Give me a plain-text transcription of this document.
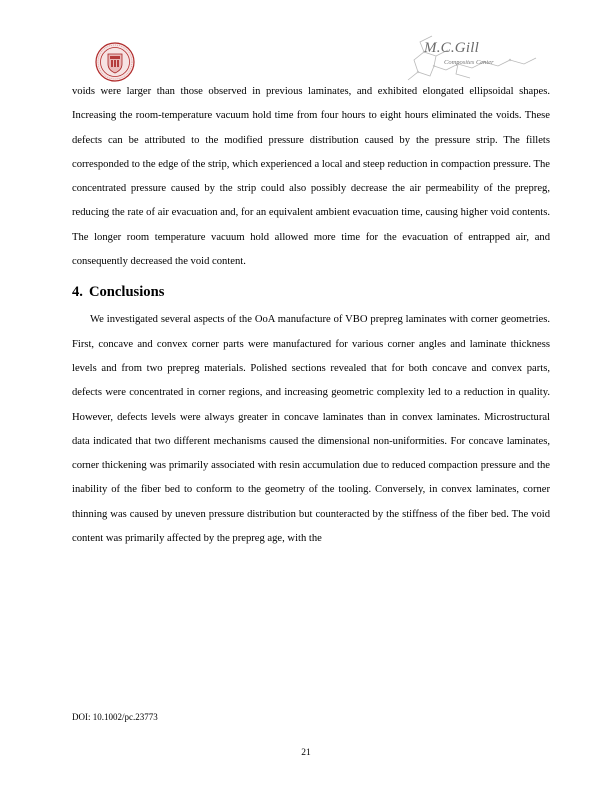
M.C.Gill
Composites Center

voids were larger than those observed in previous laminates, and exhibited elongated ellipsoidal shapes. Increasing the room-temperature vacuum hold time from four hours to eight hours eliminated the voids. These defects can be attributed to the modified pressure distribution caused by the pressure strip. The fillets corresponded to the edge of the strip, which experienced a local and steep reduction in compaction pressure. The concentrated pressure caused by the strip could also possibly decrease the air permeability of the prepreg, reducing the rate of air evacuation and, for an equivalent ambient evacuation time, causing higher void contents. The longer room temperature vacuum hold allowed more time for the evacuation of entrapped air, and consequently decreased the void content.

4. Conclusions

We investigated several aspects of the OoA manufacture of VBO prepreg laminates with corner geometries. First, concave and convex corner parts were manufactured for various corner angles and laminate thickness levels and from two prepreg materials. Polished sections revealed that for both concave and convex parts, defects were concentrated in corner regions, and increasing geometric complexity led to a reduction in quality. However, defects levels were always greater in concave laminates than in convex laminates. Microstructural data indicated that two different mechanisms caused the dimensional non-uniformities. For concave laminates, corner thickening was primarily associated with resin accumulation due to reduced compaction pressure and the inability of the fiber bed to conform to the geometry of the tooling. Conversely, in convex laminates, corner thinning was caused by uneven pressure distribution but counteracted by the stiffness of the fiber bed. The void content was primarily affected by the prepreg age, with the

DOI: 10.1002/pc.23773
21
